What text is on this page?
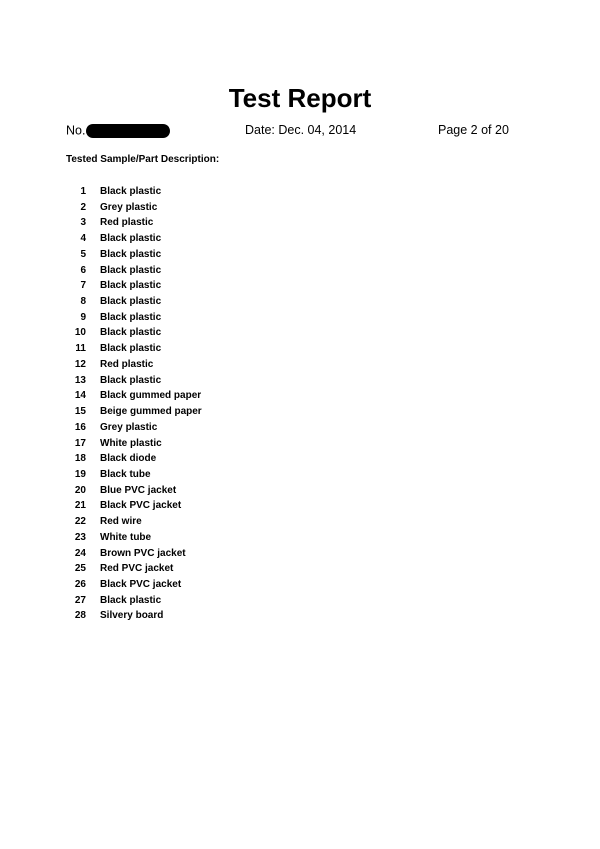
Test Report
No.	Date: Dec. 04, 2014	Page 2 of 20
Tested Sample/Part Description:
1 Black plastic
2 Grey plastic
3 Red plastic
4 Black plastic
5 Black plastic
6 Black plastic
7 Black plastic
8 Black plastic
9 Black plastic
10 Black plastic
11 Black plastic
12 Red plastic
13 Black plastic
14 Black gummed paper
15 Beige gummed paper
16 Grey plastic
17 White plastic
18 Black diode
19 Black tube
20 Blue PVC jacket
21 Black PVC jacket
22 Red wire
23 White tube
24 Brown PVC jacket
25 Red PVC jacket
26 Black PVC jacket
27 Black plastic
28 Silvery board
